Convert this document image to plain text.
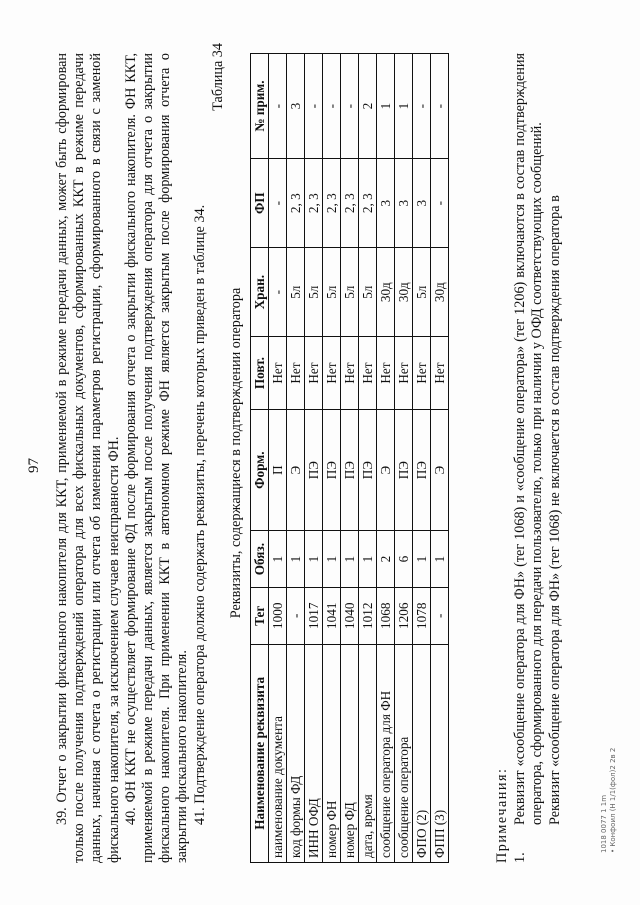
97 39. Отчет о закрытии фискального накопителя для ККТ, применяемой в режиме передачи данных, может быть сформирован только после получения подтверждений оператора для всех фискальных документов, сформированных ККТ в режиме передачи данных, начиная с отчета о регистрации или отчета об изменении параметров регистрации, сформированного в связи с заменой фискального накопителя, за исключением случаев неисправности ФН. 40. ФН ККТ не осуществляет формирование ФД после формирования отчета о закрытии фискального накопителя. ФН ККТ, применяемой в режиме передачи данных, является закрытым после получения подтверждения оператора для отчета о закрытии фискального накопителя. При применении ККТ в автономном режиме ФН является закрытым после формирования отчета о закрытии фискального накопителя. 41. Подтверждение оператора должно содержать реквизиты, перечень которых приведен в таблице 34.

Таблица 34
Реквизиты, содержащиеся в подтверждении оператора
Наименование реквизита	Тег	Обяз.	Форм.	Повт.	Хран.	ФП	№ прим.
наименование документа	1000	1	П	Нет	-	-	-
код формы ФД	-	1	Э	Нет	5л	2, 3	3
ИНН ОФД	1017	1	ПЭ	Нет	5л	2, 3	-
номер ФН	1041	1	ПЭ	Нет	5л	2, 3	-
номер ФД	1040	1	ПЭ	Нет	5л	2, 3	-
дата, время	1012	1	ПЭ	Нет	5л	2, 3	2
сообщение оператора для ФН	1068	2	Э	Нет	30д	3	1
сообщение оператора	1206	6	ПЭ	Нет	30д	3	1
ФПО (2)	1078	1	ПЭ	Нет	5л	3	-
ФПП (3)	-	1	Э	Нет	30д	-	-
Примечания: 1.

Реквизит «сообщение оператора для ФН» (тег 1068) и «сообщение оператора» (тег 1206) включаются в состав подтверждения оператора, сформированного для передачи пользователю, только при наличии у ОФД соответствующих сообщений. Реквизит «сообщение оператора для ФН» (тег 1068) не включается в состав подтверждения оператора в	1018 0077 1 1m • Конфоил (Н 1/1(фол)2 2в 2
